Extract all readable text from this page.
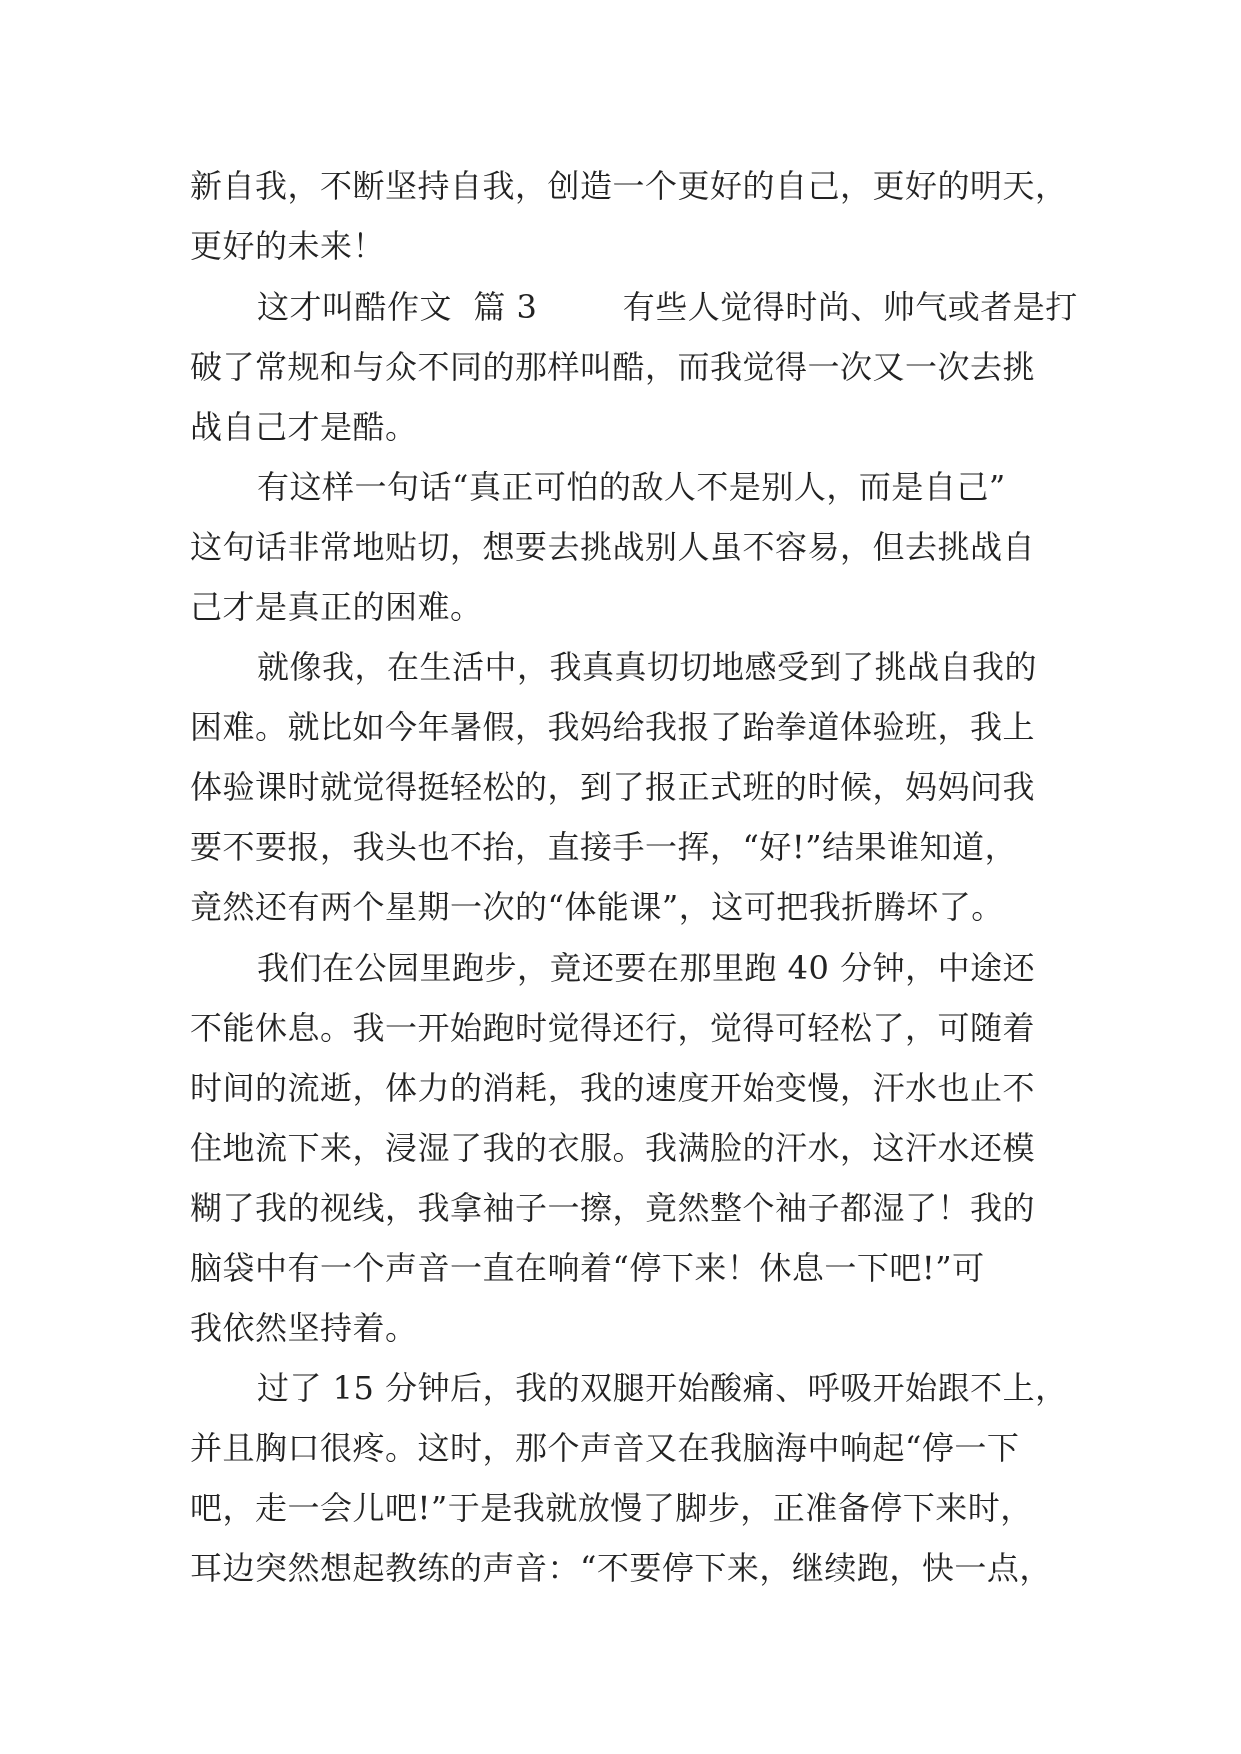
新自我，不断坚持自我，创造一个更好的自己，更好的明天，
更好的未来！
这才叫酷作文  篇 3        有些人觉得时尚、帅气或者是打
破了常规和与众不同的那样叫酷，而我觉得一次又一次去挑
战自己才是酷。
有这样一句话“真正可怕的敌人不是别人，而是自己”
这句话非常地贴切，想要去挑战别人虽不容易，但去挑战自
己才是真正的困难。
就像我，在生活中，我真真切切地感受到了挑战自我的
困难。就比如今年暑假，我妈给我报了跆拳道体验班，我上
体验课时就觉得挺轻松的，到了报正式班的时候，妈妈问我
要不要报，我头也不抬，直接手一挥，“好!”结果谁知道，
竟然还有两个星期一次的“体能课”，这可把我折腾坏了。
我们在公园里跑步，竟还要在那里跑 40 分钟，中途还
不能休息。我一开始跑时觉得还行，觉得可轻松了，可随着
时间的流逝，体力的消耗，我的速度开始变慢，汗水也止不
住地流下来，浸湿了我的衣服。我满脸的汗水，这汗水还模
糊了我的视线，我拿袖子一擦，竟然整个袖子都湿了！我的
脑袋中有一个声音一直在响着“停下来！休息一下吧!”可
我依然坚持着。
过了 15 分钟后，我的双腿开始酸痛、呼吸开始跟不上，
并且胸口很疼。这时，那个声音又在我脑海中响起“停一下
吧，走一会儿吧!”于是我就放慢了脚步，正准备停下来时，
耳边突然想起教练的声音：“不要停下来，继续跑，快一点，
